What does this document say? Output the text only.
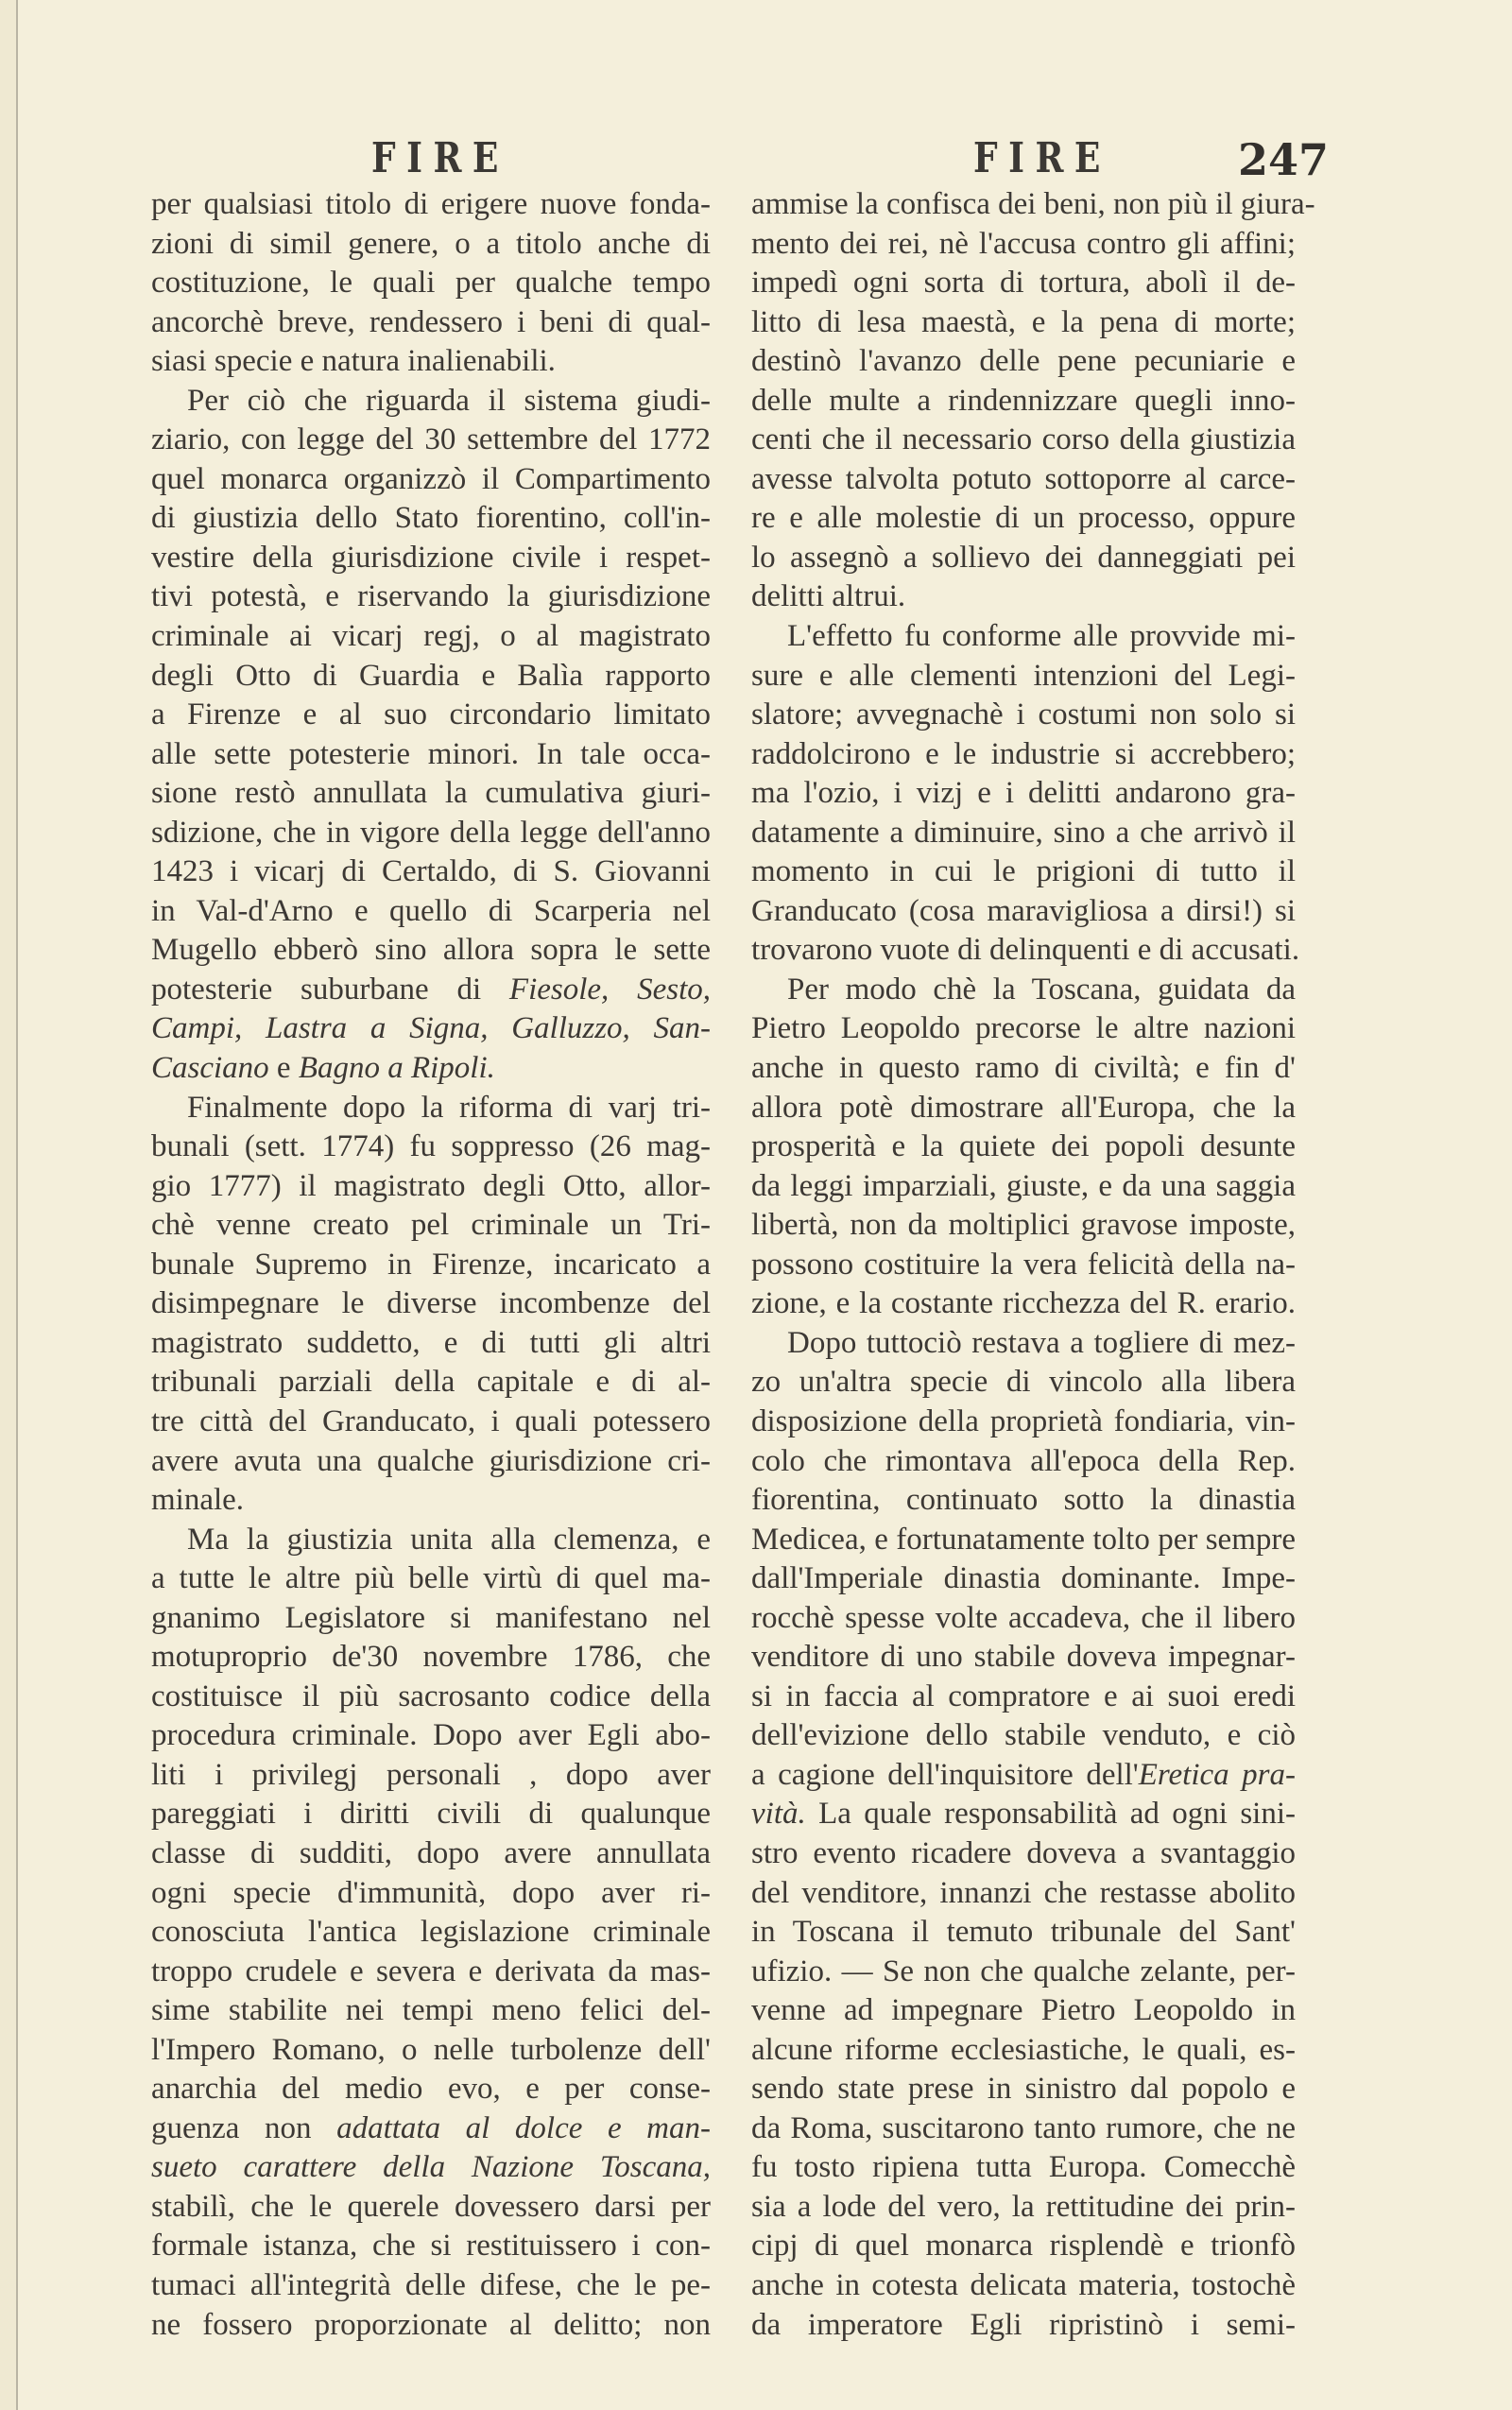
FIRE	FIRE	247
per qualsiasi titolo di erigere nuove fonda-
zioni di simil genere, o a titolo anche di
costituzione, le quali per qualche tempo
ancorchè breve, rendessero i beni di qual-
siasi specie e natura inalienabili.
Per ciò che riguarda il sistema giudi-
ziario, con legge del 30 settembre del 1772
quel monarca organizzò il Compartimento
di giustizia dello Stato fiorentino, coll'in-
vestire della giurisdizione civile i respet-
tivi potestà, e riservando la giurisdizione
criminale ai vicarj regj, o al magistrato
degli Otto di Guardia e Balìa rapporto
a Firenze e al suo circondario limitato
alle sette potesterie minori. In tale occa-
sione restò annullata la cumulativa giuri-
sdizione, che in vigore della legge dell'anno
1423 i vicarj di Certaldo, di S. Giovanni
in Val-d'Arno e quello di Scarperia nel
Mugello ebberò sino allora sopra le sette
potesterie suburbane di Fiesole, Sesto,
Campi, Lastra a Signa, Galluzzo, San-
Casciano e Bagno a Ripoli.
Finalmente dopo la riforma di varj tri-
bunali (sett. 1774) fu soppresso (26 mag-
gio 1777) il magistrato degli Otto, allor-
chè venne creato pel criminale un Tri-
bunale Supremo in Firenze, incaricato a
disimpegnare le diverse incombenze del
magistrato suddetto, e di tutti gli altri
tribunali parziali della capitale e di al-
tre città del Granducato, i quali potessero
avere avuta una qualche giurisdizione cri-
minale.
Ma la giustizia unita alla clemenza, e
a tutte le altre più belle virtù di quel ma-
gnanimo Legislatore si manifestano nel
motuproprio de'30 novembre 1786, che
costituisce il più sacrosanto codice della
procedura criminale. Dopo aver Egli abo-
liti i privilegj personali , dopo aver
pareggiati i diritti civili di qualunque
classe di sudditi, dopo avere annullata
ogni specie d'immunità, dopo aver ri-
conosciuta l'antica legislazione criminale
troppo crudele e severa e derivata da mas-
sime stabilite nei tempi meno felici del-
l'Impero Romano, o nelle turbolenze dell'
anarchia del medio evo, e per conse-
guenza non adattata al dolce e man-
sueto carattere della Nazione Toscana,
stabilì, che le querele dovessero darsi per
formale istanza, che si restituissero i con-
tumaci all'integrità delle difese, che le pe-
ne fossero proporzionate al delitto; non
ammise la confisca dei beni, non più il giura-
mento dei rei, nè l'accusa contro gli affini;
impedì ogni sorta di tortura, abolì il de-
litto di lesa maestà, e la pena di morte;
destinò l'avanzo delle pene pecuniarie e
delle multe a rindennizzare quegli inno-
centi che il necessario corso della giustizia
avesse talvolta potuto sottoporre al carce-
re e alle molestie di un processo, oppure
lo assegnò a sollievo dei danneggiati pei
delitti altrui.
L'effetto fu conforme alle provvide mi-
sure e alle clementi intenzioni del Legi-
slatore; avvegnachè i costumi non solo si
raddolcirono e le industrie si accrebbero;
ma l'ozio, i vizj e i delitti andarono gra-
datamente a diminuire, sino a che arrivò il
momento in cui le prigioni di tutto il
Granducato (cosa maravigliosa a dirsi!) si
trovarono vuote di delinquenti e di accusati.
Per modo chè la Toscana, guidata da
Pietro Leopoldo precorse le altre nazioni
anche in questo ramo di civiltà; e fin d'
allora potè dimostrare all'Europa, che la
prosperità e la quiete dei popoli desunte
da leggi imparziali, giuste, e da una saggia
libertà, non da moltiplici gravose imposte,
possono costituire la vera felicità della na-
zione, e la costante ricchezza del R. erario.
Dopo tuttociò restava a togliere di mez-
zo un'altra specie di vincolo alla libera
disposizione della proprietà fondiaria, vin-
colo che rimontava all'epoca della Rep.
fiorentina, continuato sotto la dinastia
Medicea, e fortunatamente tolto per sempre
dall'Imperiale dinastia dominante. Impe-
rocchè spesse volte accadeva, che il libero
venditore di uno stabile doveva impegnar-
si in faccia al compratore e ai suoi eredi
dell'evizione dello stabile venduto, e ciò
a cagione dell'inquisitore dell'Eretica pra-
vità. La quale responsabilità ad ogni sini-
stro evento ricadere doveva a svantaggio
del venditore, innanzi che restasse abolito
in Toscana il temuto tribunale del Sant'
ufizio. — Se non che qualche zelante, per-
venne ad impegnare Pietro Leopoldo in
alcune riforme ecclesiastiche, le quali, es-
sendo state prese in sinistro dal popolo e
da Roma, suscitarono tanto rumore, che ne
fu tosto ripiena tutta Europa. Comecchè
sia a lode del vero, la rettitudine dei prin-
cipj di quel monarca risplendè e trionfò
anche in cotesta delicata materia, tostochè
da imperatore Egli ripristinò i semi-
